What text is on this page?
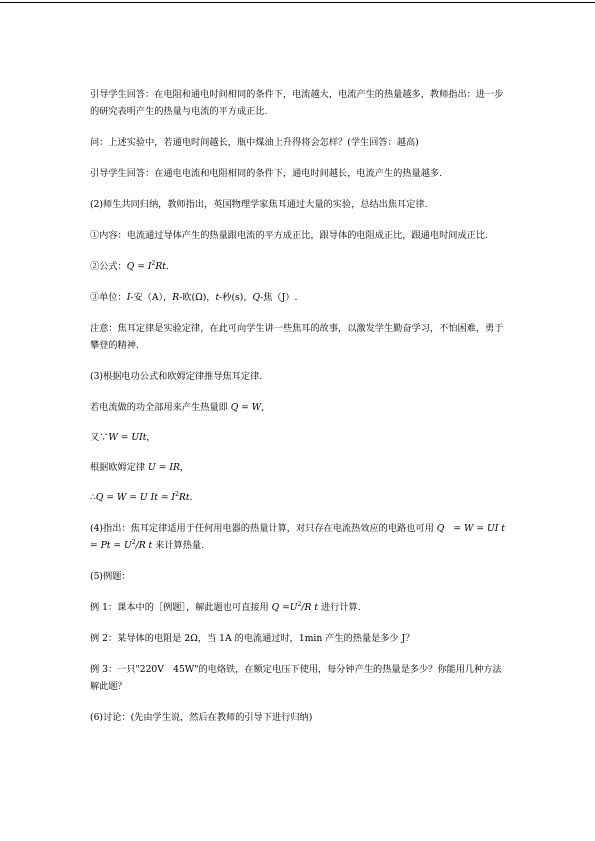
引导学生回答：在电阻和通电时间相同的条件下，电流越大，电流产生的热量越多，教师指出：进一步的研究表明产生的热量与电流的平方成正比.

问：上述实验中，若通电时间越长，瓶中煤油上升得将会怎样？(学生回答：越高)

引导学生回答：在通电电流和电阻相同的条件下，通电时间越长，电流产生的热量越多.

(2)师生共同归纳，教师指出，英国物理学家焦耳通过大量的实验，总结出焦耳定律.

①内容：电流通过导体产生的热量跟电流的平方成正比，跟导体的电阻成正比，跟通电时间成正比.

②公式：$Q = I^2Rt$.

③单位：I-安（A），R-欧(Ω)，t-秒(s)，Q-焦（J）.

注意：焦耳定律是实验定律，在此可向学生讲一些焦耳的故事，以激发学生勤奋学习，不怕困难，勇于攀登的精神.

(3)根据电功公式和欧姆定律推导焦耳定律.

若电流做的功全部用来产生热量即 Q = W,

又∵W = UIt，

根据欧姆定律 U = IR，

∴Q = W = U $It = I^2Rt$.

(4)指出：焦耳定律适用于任何用电器的热量计算，对只存在电流热效应的电路也可用 Q　= W = UI $t = Pt = U^2/R$ t 来计算热量.

(5)例题：

例 1：课本中的［例题］，解此题也可直接用 $Q =U^2/R$ t 进行计算.

例 2：某导体的电阻是 2Ω，当 1A 的电流通过时，1min 产生的热量是多少 J？

例 3：一只"220V　45W"的电烙铁，在额定电压下使用，每分钟产生的热量是多少？你能用几种方法解此题？

(6)讨论：(先由学生说，然后在教师的引导下进行归纳)
